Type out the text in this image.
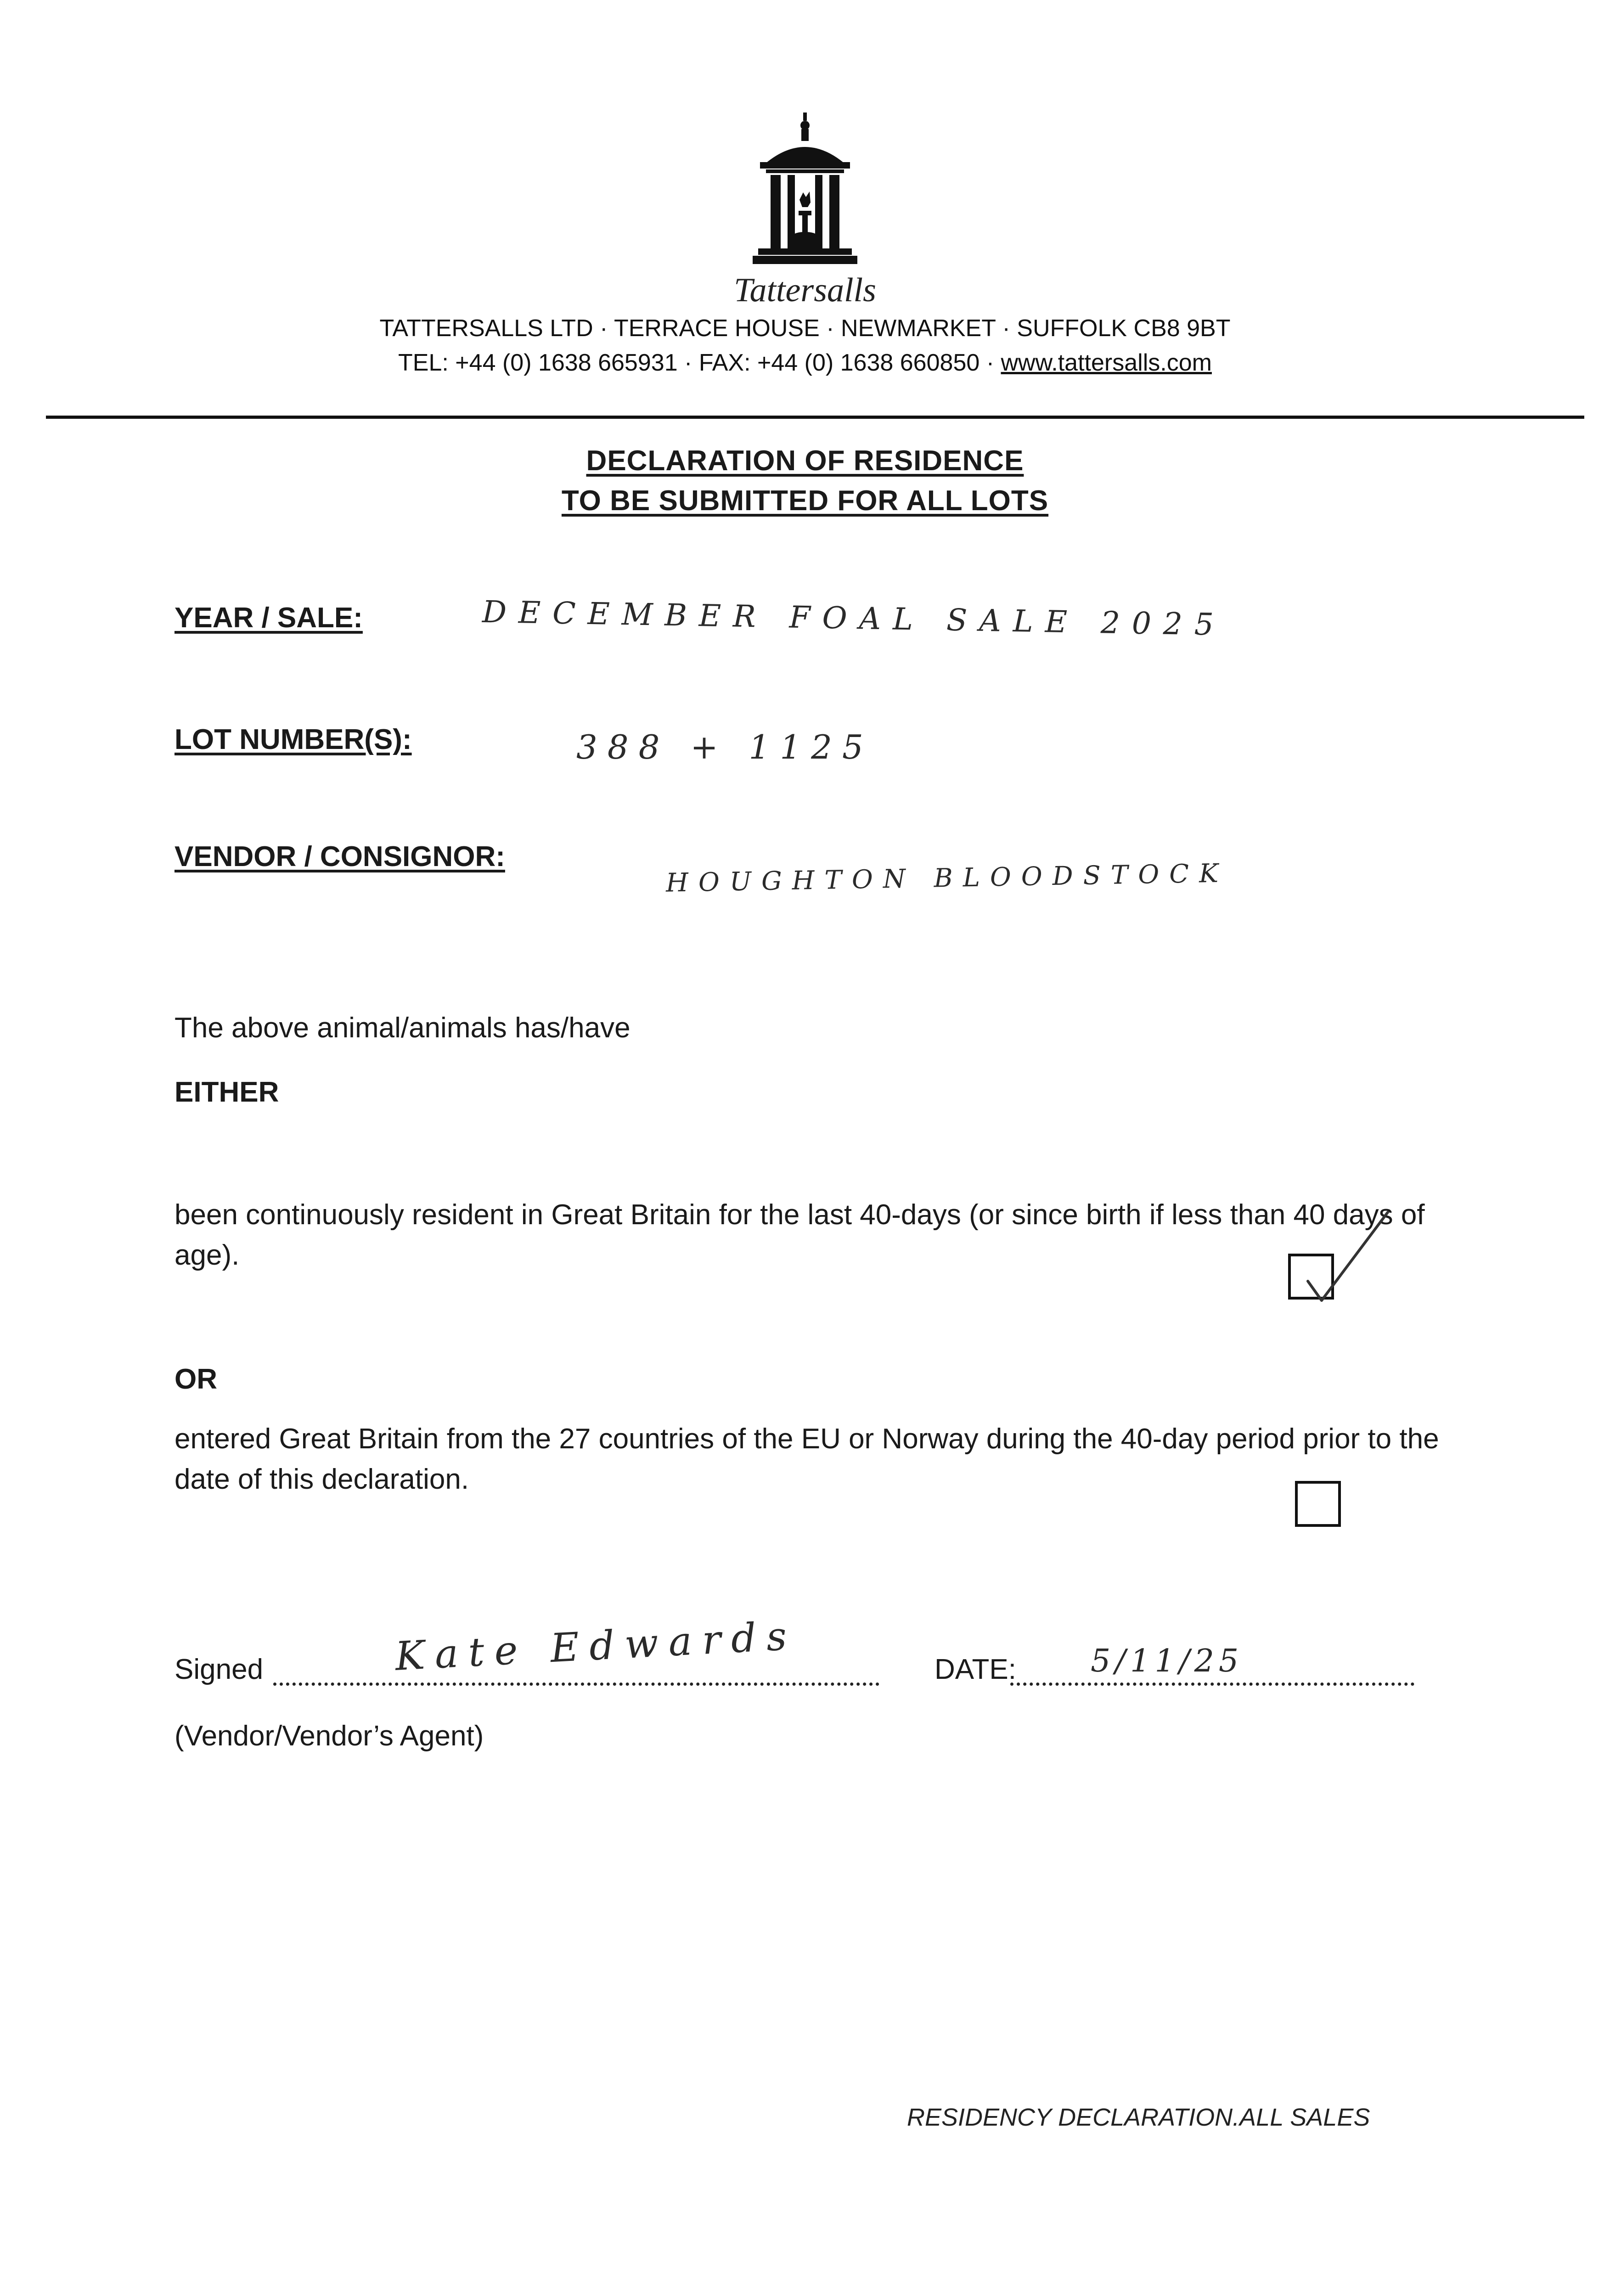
Tattersalls
TATTERSALLS LTD · TERRACE HOUSE · NEWMARKET · SUFFOLK CB8 9BT
TEL: +44 (0) 1638 665931 · FAX: +44 (0) 1638 660850 · www.tattersalls.com
DECLARATION OF RESIDENCE
TO BE SUBMITTED FOR ALL LOTS
YEAR / SALE:	DECEMBER FOAL SALE 2025
LOT NUMBER(S):	388 + 1125
VENDOR / CONSIGNOR:
HOUGHTON BLOODSTOCK
The above animal/animals has/have
EITHER
been continuously resident in Great Britain for the last 40-days (or since birth if less than 40 days of age).
OR
entered Great Britain from the 27 countries of the EU or Norway during the 40-day period prior to the date of this declaration.
Signed	Kate Edwards	DATE: 5/11/25
(Vendor/Vendor’s Agent)
RESIDENCY DECLARATION.ALL SALES
